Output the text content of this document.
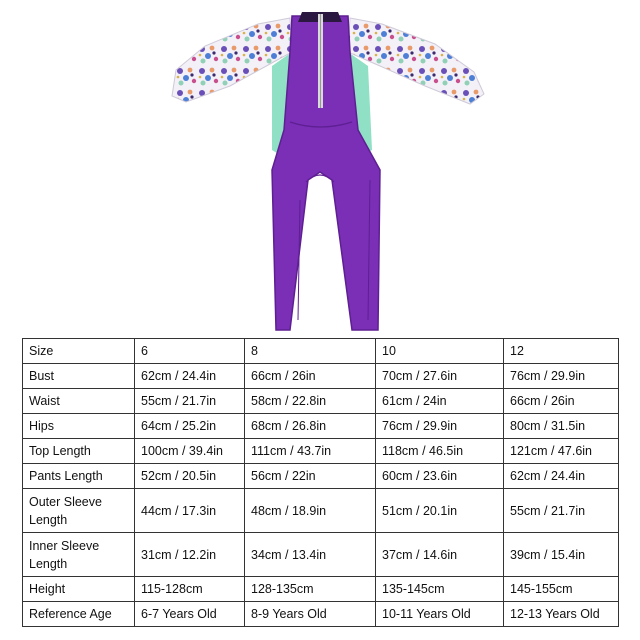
Size	6	8	10	12
Bust	62cm / 24.4in	66cm / 26in	70cm / 27.6in	76cm / 29.9in
Waist	55cm / 21.7in	58cm / 22.8in	61cm / 24in	66cm / 26in
Hips	64cm / 25.2in	68cm / 26.8in	76cm / 29.9in	80cm / 31.5in
Top Length	100cm / 39.4in	111cm / 43.7in	118cm / 46.5in	121cm / 47.6in
Pants Length	52cm / 20.5in	56cm / 22in	60cm / 23.6in	62cm / 24.4in
Outer Sleeve Length	44cm / 17.3in	48cm / 18.9in	51cm / 20.1in	55cm / 21.7in
Inner Sleeve Length	31cm / 12.2in	34cm / 13.4in	37cm / 14.6in	39cm / 15.4in
Height	115-128cm	128-135cm	135-145cm	145-155cm
Reference Age	6-7 Years Old	8-9 Years Old	10-11 Years Old	12-13 Years Old
